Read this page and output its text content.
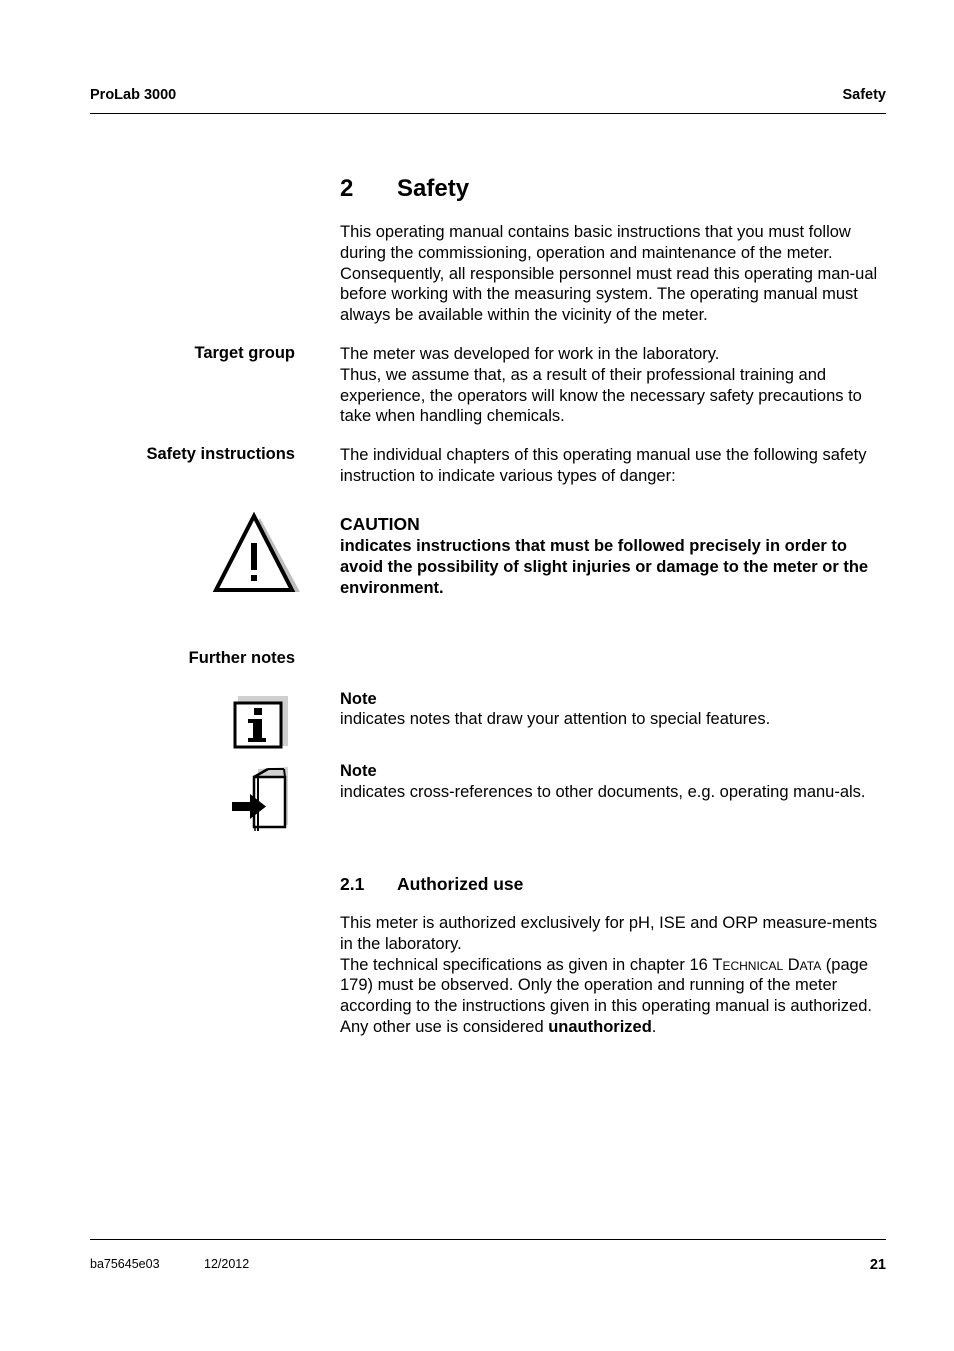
ProLab 3000	Safety
2 Safety
This operating manual contains basic instructions that you must follow during the commissioning, operation and maintenance of the meter. Consequently, all responsible personnel must read this operating man-ual before working with the measuring system. The operating manual must always be available within the vicinity of the meter.
Target group	The meter was developed for work in the laboratory.

Thus, we assume that, as a result of their professional training and experience, the operators will know the necessary safety precautions to take when handling chemicals.

Safety instructions	The individual chapters of this operating manual use the following safety instruction to indicate various types of danger:
CAUTION
indicates instructions that must be followed precisely in order to avoid the possibility of slight injuries or damage to the meter or the environment.
Further notes
Note
indicates notes that draw your attention to special features.
Note
indicates cross-references to other documents, e.g. operating manu-als.
2.1 Authorized use

This meter is authorized exclusively for pH, ISE and ORP measure-ments in the laboratory.

The technical specifications as given in chapter 16 Technical Data (page 179) must be observed. Only the operation and running of the meter according to the instructions given in this operating manual is authorized. Any other use is considered unauthorized.

ba75645e03	12/2012	21
